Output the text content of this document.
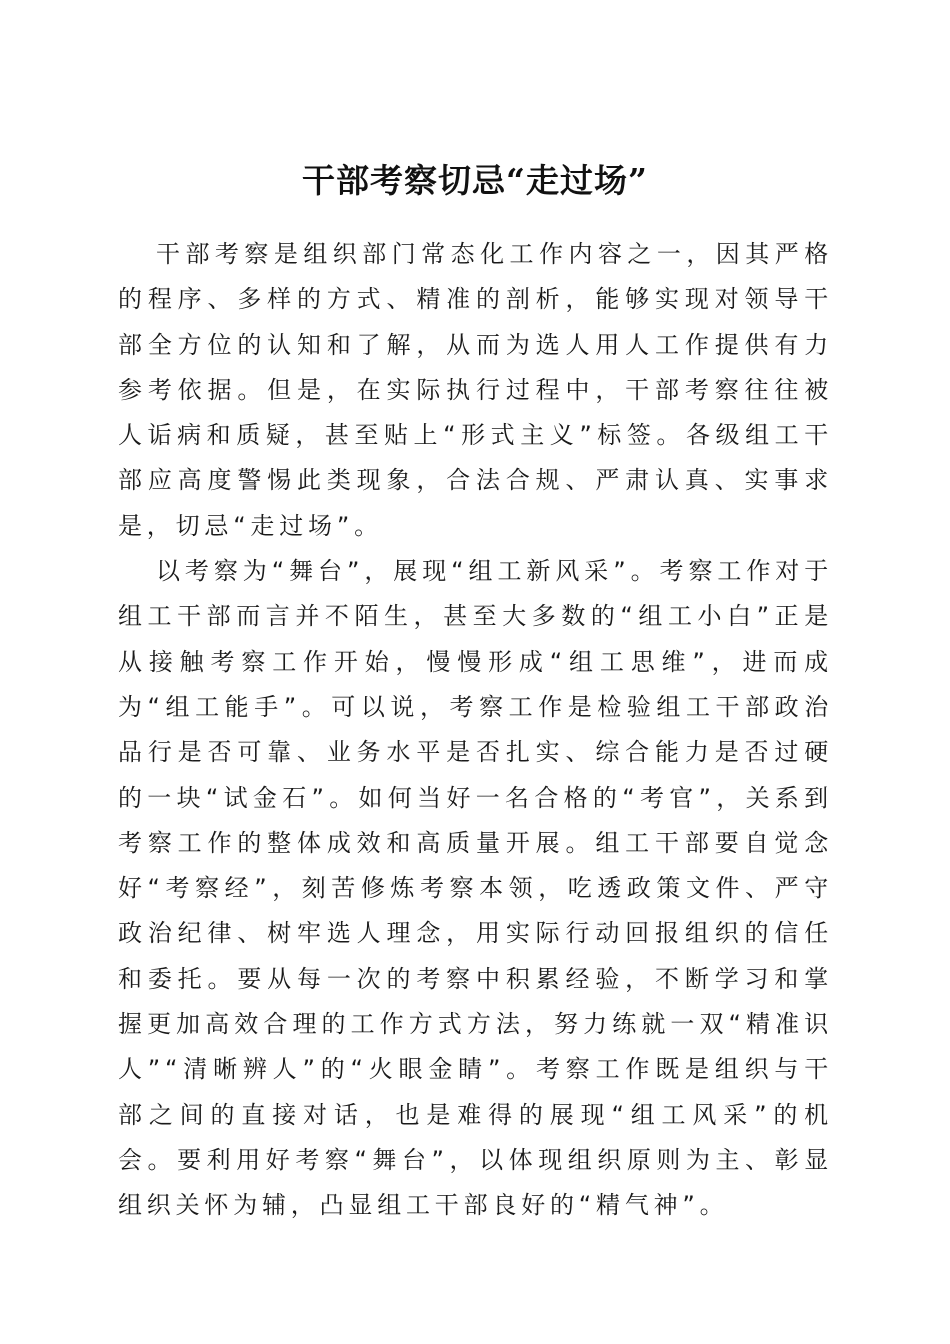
干部考察切忌“走过场”

干部考察是组织部门常态化工作内容之一，因其严格的程序、多样的方式、精准的剖析，能够实现对领导干部全方位的认知和了解，从而为选人用人工作提供有力参考依据。但是，在实际执行过程中，干部考察往往被人诟病和质疑，甚至贴上“形式主义”标签。各级组工干部应高度警惕此类现象，合法合规、严肃认真、实事求是，切忌“走过场”。

以考察为“舞台”，展现“组工新风采”。考察工作对于组工干部而言并不陌生，甚至大多数的“组工小白”正是从接触考察工作开始，慢慢形成“组工思维”，进而成为“组工能手”。可以说，考察工作是检验组工干部政治品行是否可靠、业务水平是否扎实、综合能力是否过硬的一块“试金石”。如何当好一名合格的“考官”，关系到考察工作的整体成效和高质量开展。组工干部要自觉念好“考察经”，刻苦修炼考察本领，吃透政策文件、严守政治纪律、树牢选人理念，用实际行动回报组织的信任和委托。要从每一次的考察中积累经验，不断学习和掌握更加高效合理的工作方式方法，努力练就一双“精准识人”“清晰辨人”的“火眼金睛”。考察工作既是组织与干部之间的直接对话，也是难得的展现“组工风采”的机会。要利用好考察“舞台”，以体现组织原则为主、彰显组织关怀为辅，凸显组工干部良好的“精气神”。
